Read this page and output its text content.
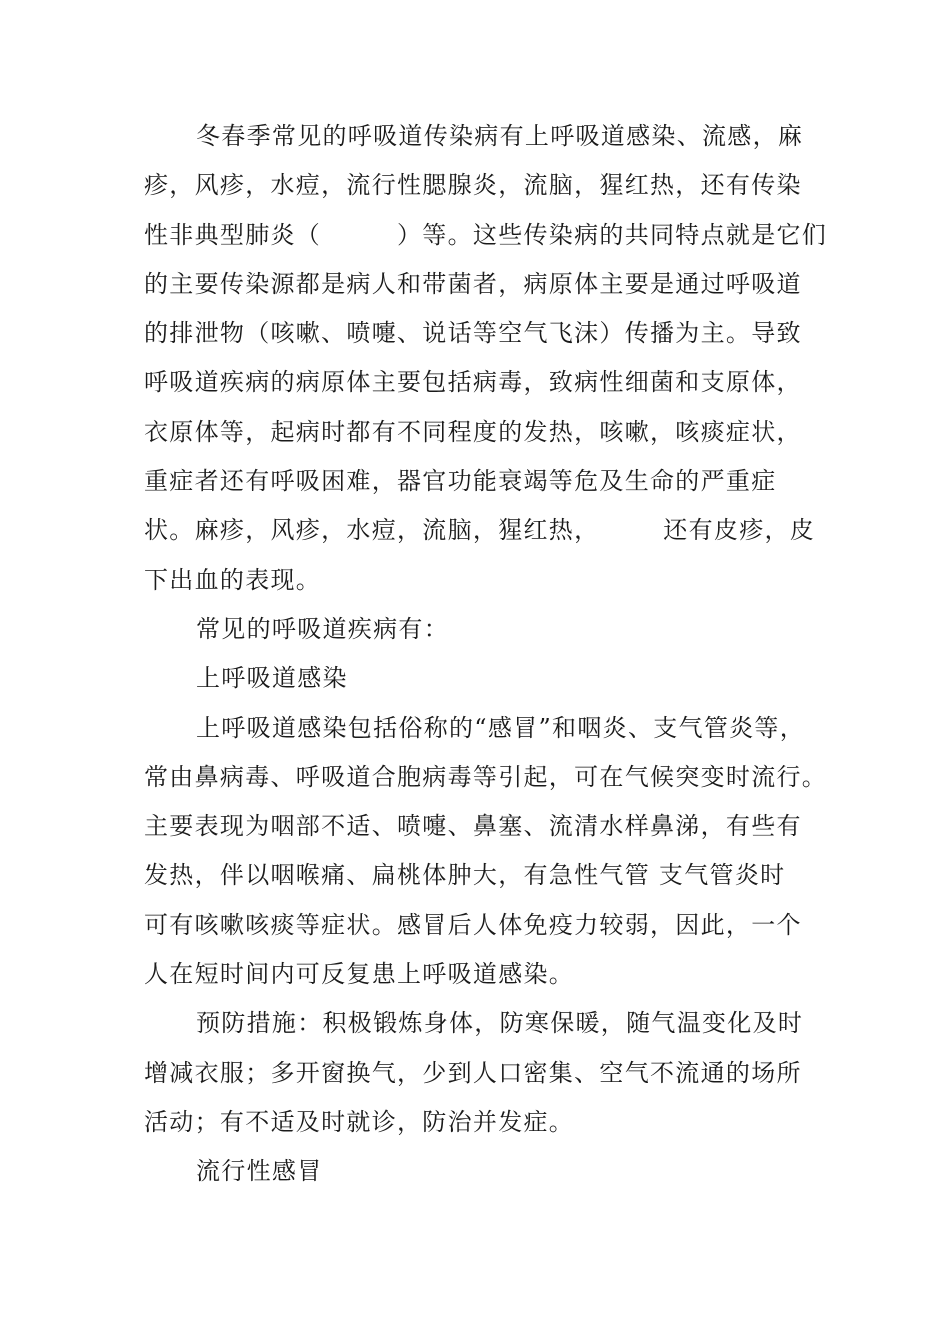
冬春季常见的呼吸道传染病有上呼吸道感染、流感，麻
疹，风疹，水痘，流行性腮腺炎，流脑，猩红热，还有传染
性非典型肺炎（　　　）等。这些传染病的共同特点就是它们
的主要传染源都是病人和带菌者，病原体主要是通过呼吸道
的排泄物（咳嗽、喷嚏、说话等空气飞沫）传播为主。导致
呼吸道疾病的病原体主要包括病毒，致病性细菌和支原体，
衣原体等，起病时都有不同程度的发热，咳嗽，咳痰症状，
重症者还有呼吸困难，器官功能衰竭等危及生命的严重症
状。麻疹，风疹，水痘，流脑，猩红热，　　　还有皮疹，皮
下出血的表现。
常见的呼吸道疾病有：
上呼吸道感染
上呼吸道感染包括俗称的“感冒”和咽炎、支气管炎等，
常由鼻病毒、呼吸道合胞病毒等引起，可在气候突变时流行。
主要表现为咽部不适、喷嚏、鼻塞、流清水样鼻涕，有些有
发热，伴以咽喉痛、扁桃体肿大，有急性气管 支气管炎时
可有咳嗽咳痰等症状。感冒后人体免疫力较弱，因此，一个
人在短时间内可反复患上呼吸道感染。
预防措施：积极锻炼身体，防寒保暖，随气温变化及时
增减衣服；多开窗换气，少到人口密集、空气不流通的场所
活动；有不适及时就诊，防治并发症。
流行性感冒
